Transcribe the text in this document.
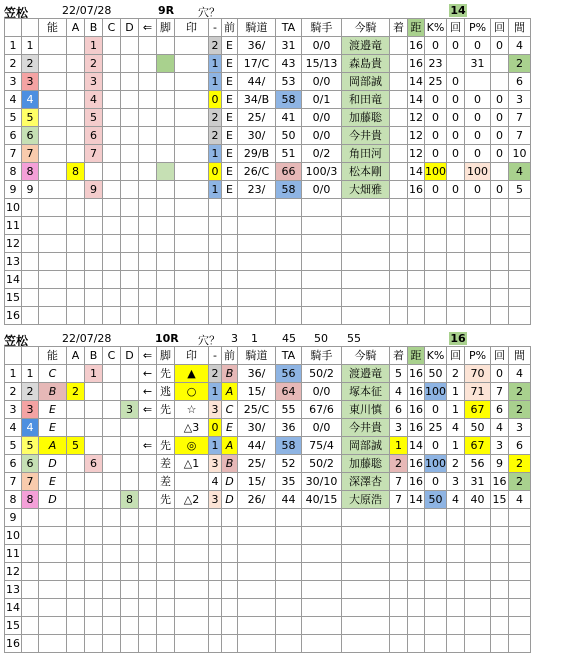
笠松	22/07/28	9R 穴？	14
		能	A	B	C	D	⇐	脚	印	-	前	騎道	TA	騎手	今騎	着	距	K%	回	P%	回	間
1	1			1						2	E	36/	31	0/0	渡邉竜		16	0	0	0	0	4
2	2			2						1	E	17/C	43	15/13	森島貴		16	23		31		2
3	3			3						1	E	44/	53	0/0	岡部誠		14	25	0			6
4	4			4						0	E	34/B	58	0/1	和田竜		14	0	0	0	0	3
5	5			5						2	E	25/	41	0/0	加藤聡		12	0	0	0	0	7
6	6			6						2	E	30/	50	0/0	今井貴		12	0	0	0	0	7
7	7			7						1	E	29/B	51	0/2	角田河		12	0	0	0	0	10
8	8		8							0	E	26/C	66	100/3	松本剛		14	100		100		4
9	9			9						1	E	23/	58	0/0	大畑雅		16	0	0	0	0	5
10																						
11																						
12																						
13																						
14																						
15																						
16																						
笠松	22/07/28	10R 穴？ 3 1 45 50 55	16
		能	A	B	C	D	⇐	脚	印	-	前	騎道	TA	騎手	今騎	着	距	K%	回	P%	回	間
1	1	C		1			←	先	▲	2	B	36/	56	50/2	渡邉竜	5	16	50	2	70	0	4
2	2	B	2				←	逃	○	1	A	15/	64	0/0	塚本征	4	16	100	1	71	7	2
3	3	E				3	⇐	先	☆	3	C	25/C	55	67/6	東川慎	6	16	0	1	67	6	2
4	4	E							△3	0	E	30/	36	0/0	今井貴	3	16	25	4	50	4	3
5	5	A	5				⇐	先	◎	1	A	44/	58	75/4	岡部誠	1	14	0	1	67	3	6
6	6	D		6				差	△1	3	B	25/	52	50/2	加藤聡	2	16	100	2	56	9	2
7	7	E						差		4	D	15/	35	30/10	深澤杏	7	16	0	3	31	16	2
8	8	D				8		先	△2	3	D	26/	44	40/15	大原浩	7	14	50	4	40	15	4
9																						
10																						
11																						
12																						
13																						
14																						
15																						
16																						
